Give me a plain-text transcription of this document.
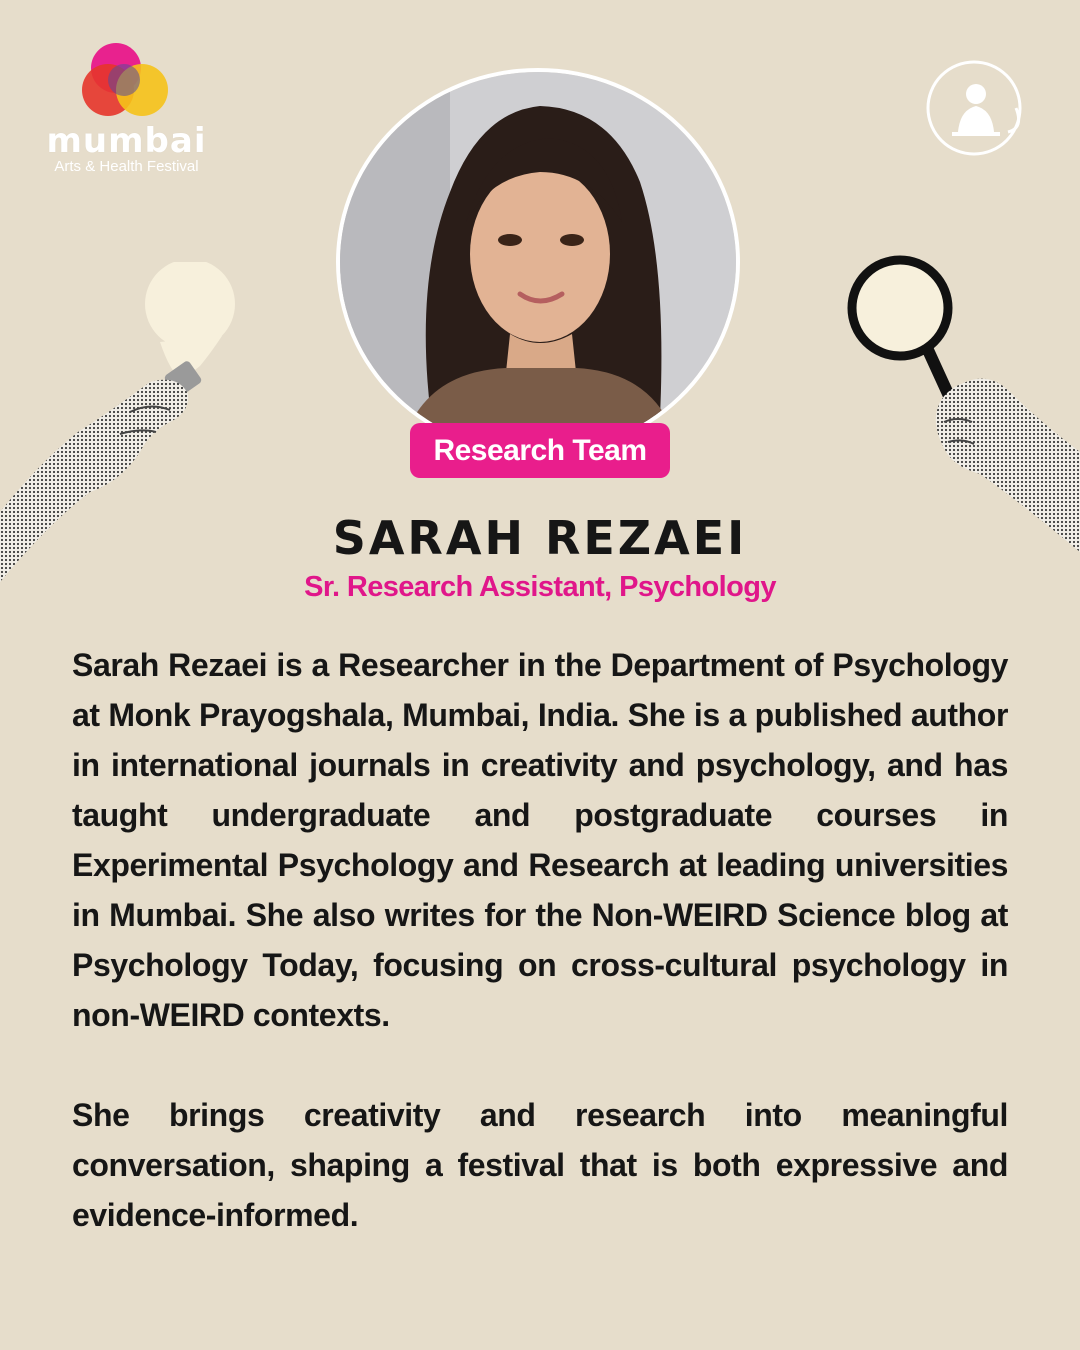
mumbai
Arts & Health Festival
Research Team
SARAH REZAEI
Sr. Research Assistant, Psychology

Sarah Rezaei is a Researcher in the Department of Psychology at Monk Prayogshala, Mumbai, India. She is a published author in international journals in creativity and psychology, and has taught undergraduate and postgraduate courses in Experimental Psychology and Research at leading universities in Mumbai. She also writes for the Non-WEIRD Science blog at Psychology Today, focusing on cross-cultural psychology in non-WEIRD contexts.

She brings creativity and research into meaningful conversation, shaping a festival that is both expressive and evidence-informed.
